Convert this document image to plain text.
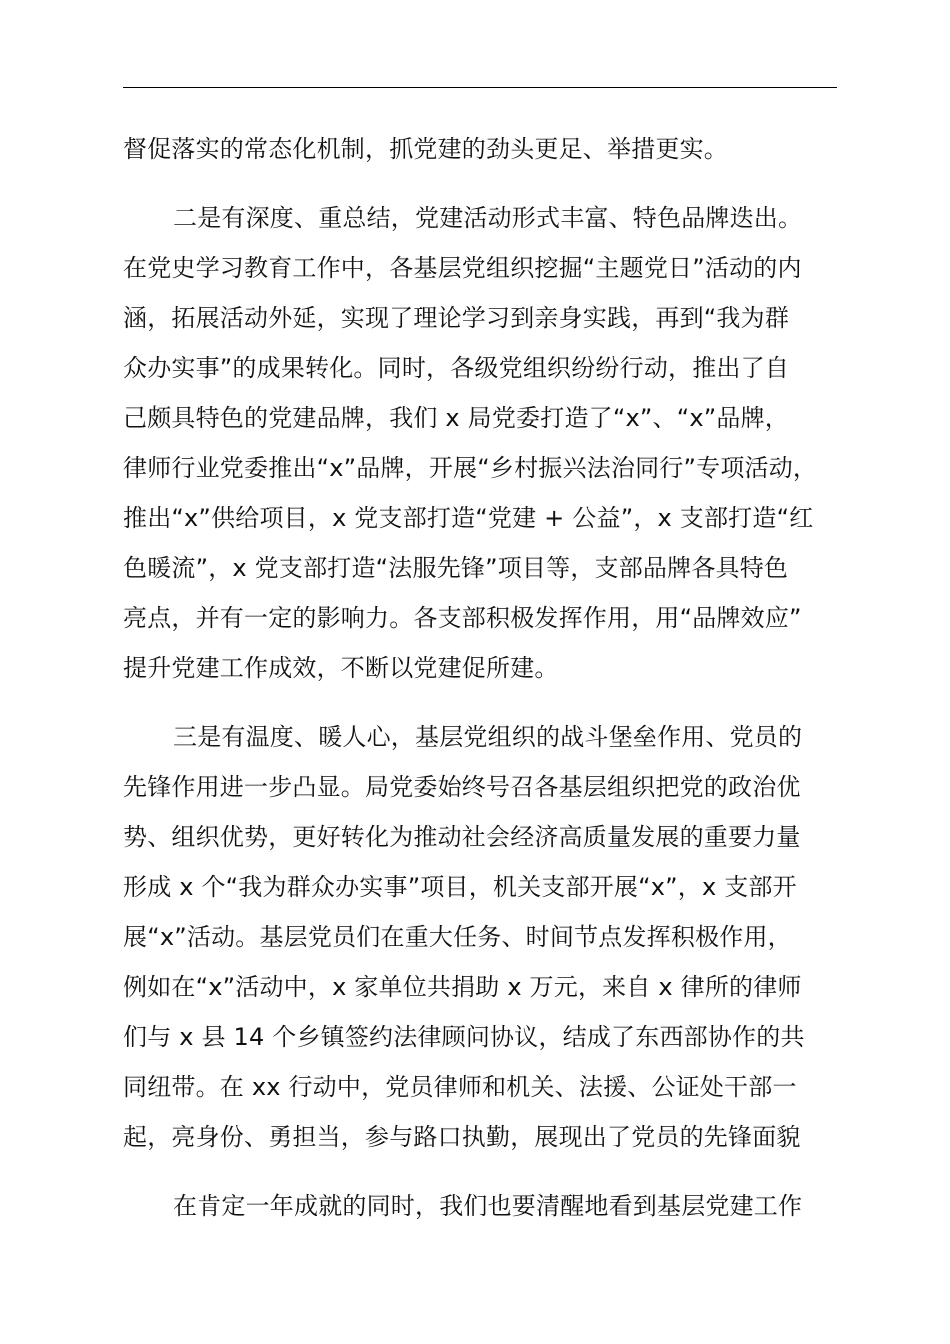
督促落实的常态化机制，抓党建的劲头更足、举措更实。
二是有深度、重总结，党建活动形式丰富、特色品牌迭出。
在党史学习教育工作中，各基层党组织挖掘“主题党日”活动的内
涵，拓展活动外延，实现了理论学习到亲身实践，再到“我为群
众办实事”的成果转化。同时，各级党组织纷纷行动，推出了自
己颇具特色的党建品牌，我们 x 局党委打造了“x”、“x”品牌，
律师行业党委推出“x”品牌，开展“乡村振兴法治同行”专项活动，
推出“x”供给项目，x 党支部打造“党建 + 公益”，x 支部打造“红
色暖流”，x 党支部打造“法服先锋”项目等，支部品牌各具特色
亮点，并有一定的影响力。各支部积极发挥作用，用“品牌效应”
提升党建工作成效，不断以党建促所建。
三是有温度、暖人心，基层党组织的战斗堡垒作用、党员的
先锋作用进一步凸显。局党委始终号召各基层组织把党的政治优
势、组织优势，更好转化为推动社会经济高质量发展的重要力量
形成 x 个“我为群众办实事”项目，机关支部开展“x”，x 支部开
展“x”活动。基层党员们在重大任务、时间节点发挥积极作用，
例如在“x”活动中，x 家单位共捐助 x 万元，来自 x 律所的律师
们与 x 县 14 个乡镇签约法律顾问协议，结成了东西部协作的共
同纽带。在 xx 行动中，党员律师和机关、法援、公证处干部一
起，亮身份、勇担当，参与路口执勤，展现出了党员的先锋面貌
在肯定一年成就的同时，我们也要清醒地看到基层党建工作
